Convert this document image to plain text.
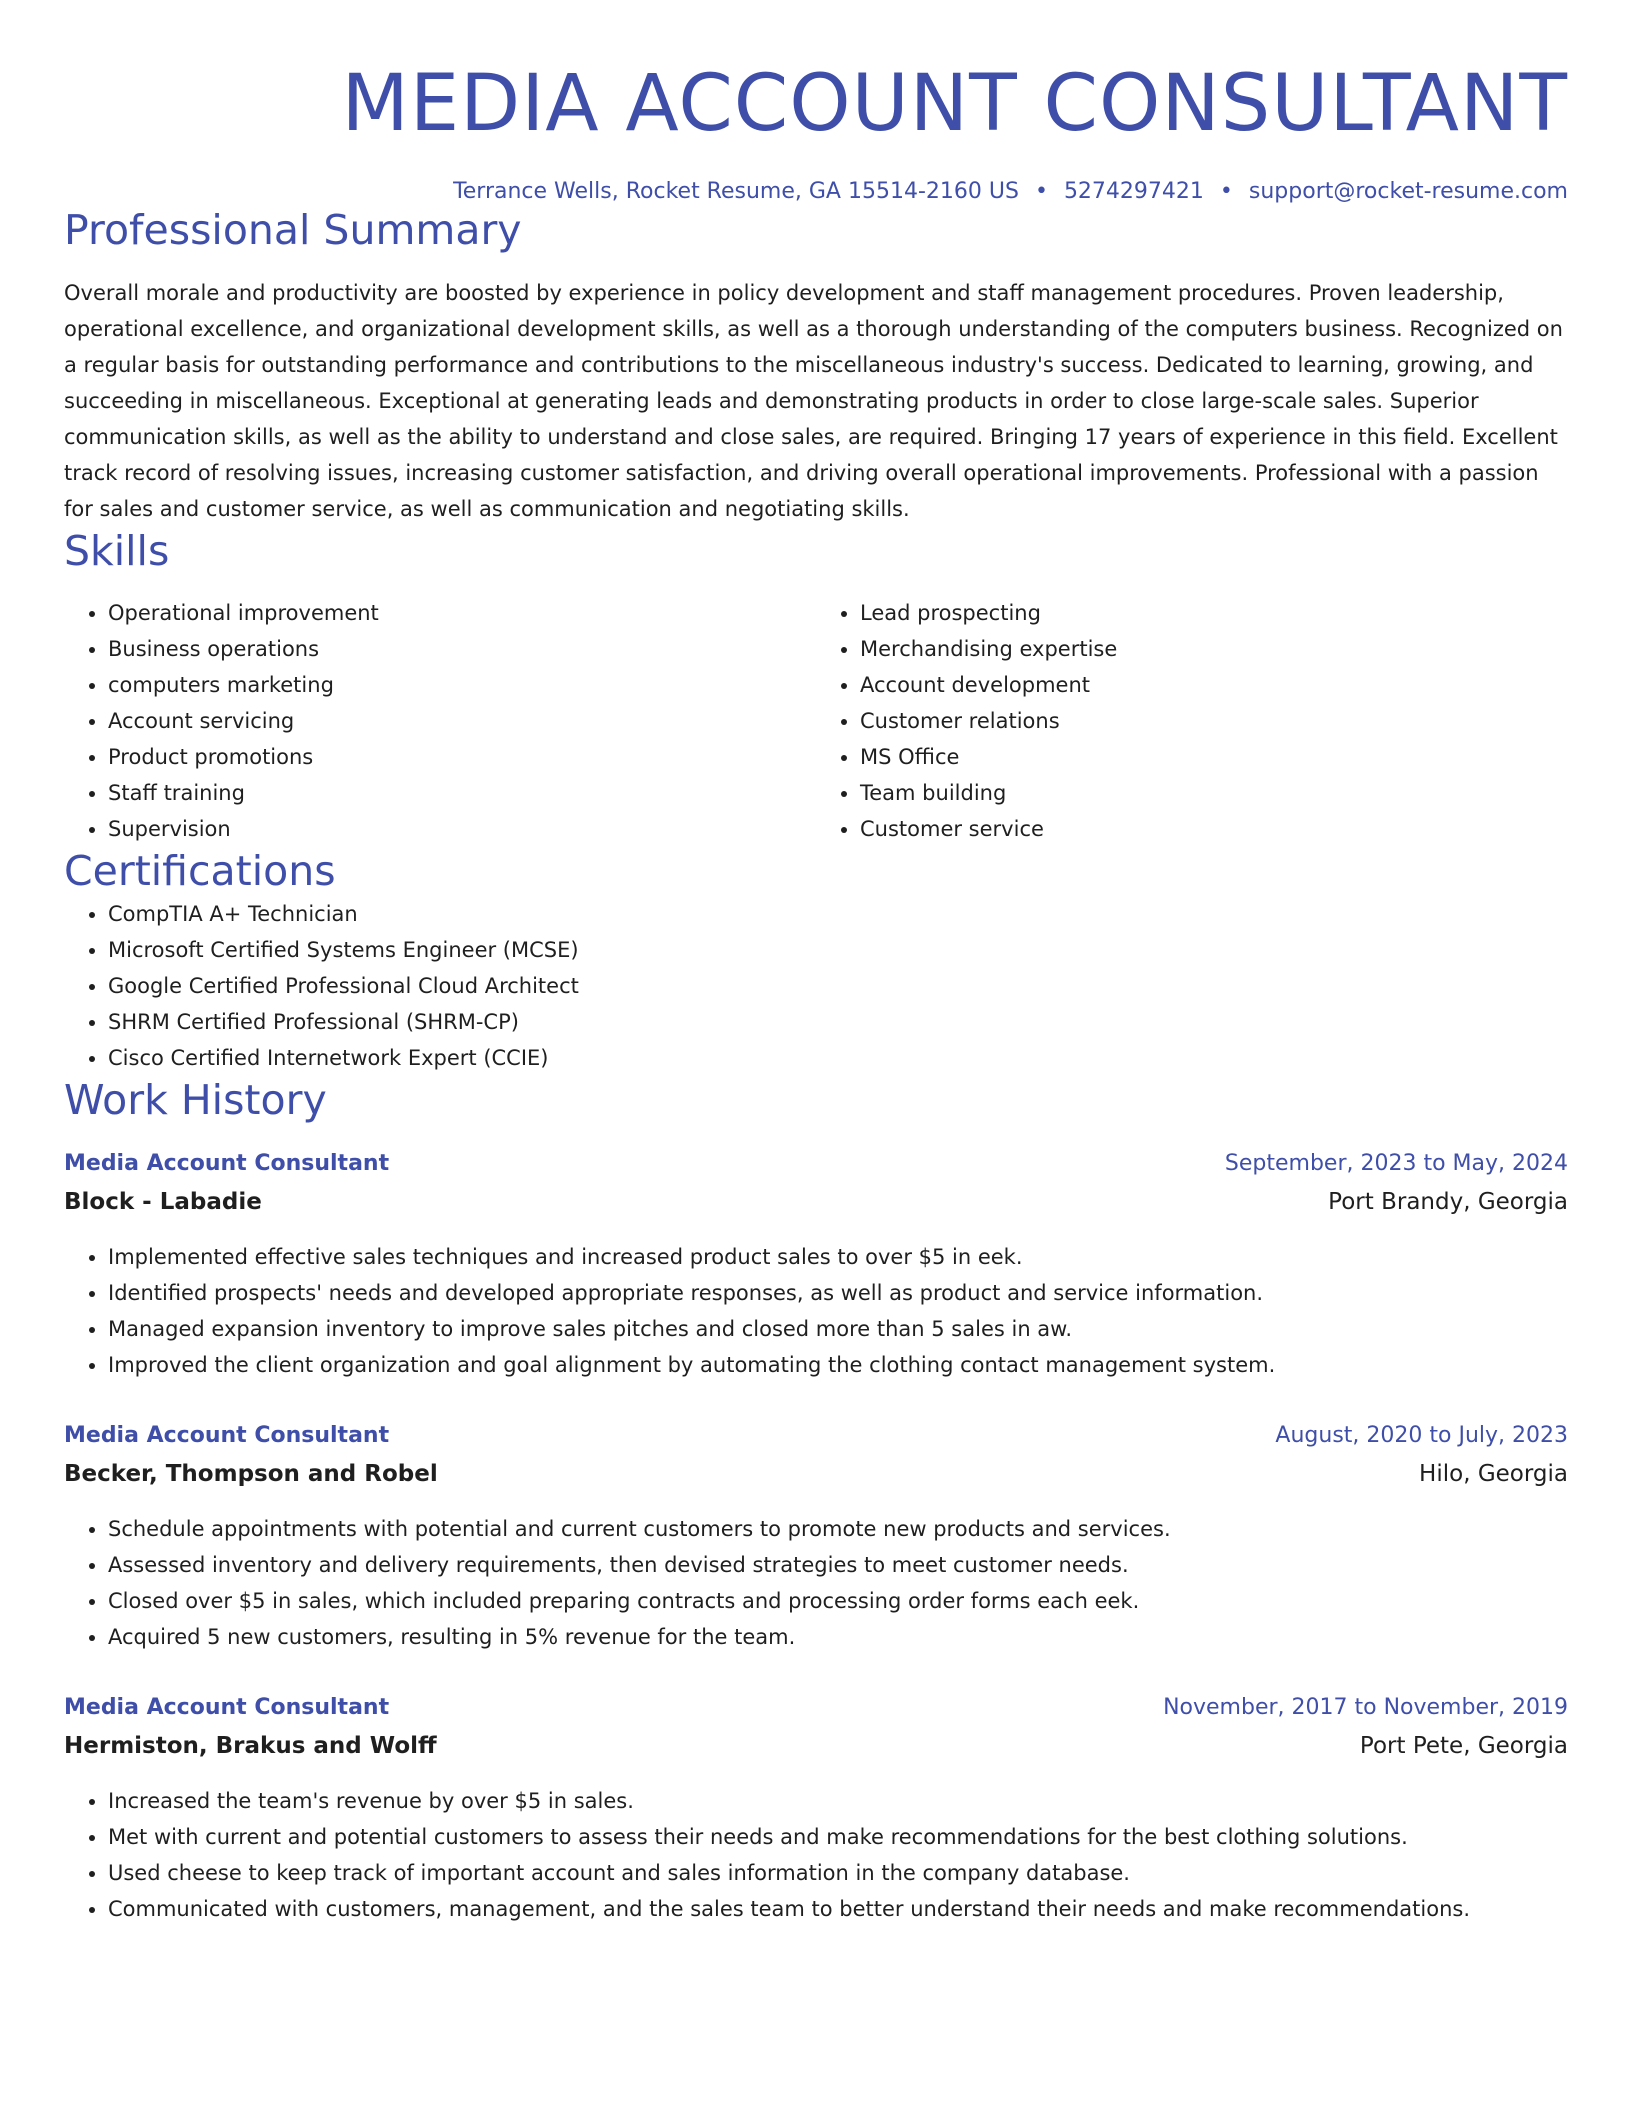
MEDIA ACCOUNT CONSULTANT
Terrance Wells, Rocket Resume, GA 15514-2160 US • 5274297421 • support@rocket-resume.com
Professional Summary

Overall morale and productivity are boosted by experience in policy development and staff management procedures. Proven leadership, operational excellence, and organizational development skills, as well as a thorough understanding of the computers business. Recognized on a regular basis for outstanding performance and contributions to the miscellaneous industry's success. Dedicated to learning, growing, and succeeding in miscellaneous. Exceptional at generating leads and demonstrating products in order to close large-scale sales. Superior communication skills, as well as the ability to understand and close sales, are required. Bringing 17 years of experience in this field. Excellent track record of resolving issues, increasing customer satisfaction, and driving overall operational improvements. Professional with a passion for sales and customer service, as well as communication and negotiating skills.

Skills
• Operational improvement
• Business operations
• computers marketing
• Account servicing
• Product promotions
• Staff training
• Supervision
• Lead prospecting
• Merchandising expertise
• Account development
• Customer relations
• MS Office
• Team building
• Customer service
Certifications
• CompTIA A+ Technician
• Microsoft Certified Systems Engineer (MCSE)
• Google Certified Professional Cloud Architect
• SHRM Certified Professional (SHRM-CP)
• Cisco Certified Internetwork Expert (CCIE)
Work History
Media Account Consultant	September, 2023 to May, 2024
Block - Labadie	Port Brandy, Georgia
• Implemented effective sales techniques and increased product sales to over $5 in eek.
• Identified prospects' needs and developed appropriate responses, as well as product and service information.
• Managed expansion inventory to improve sales pitches and closed more than 5 sales in aw.
• Improved the client organization and goal alignment by automating the clothing contact management system.
Media Account Consultant	August, 2020 to July, 2023
Becker, Thompson and Robel	Hilo, Georgia
• Schedule appointments with potential and current customers to promote new products and services.
• Assessed inventory and delivery requirements, then devised strategies to meet customer needs.
• Closed over $5 in sales, which included preparing contracts and processing order forms each eek.
• Acquired 5 new customers, resulting in 5% revenue for the team.
Media Account Consultant	November, 2017 to November, 2019
Hermiston, Brakus and Wolff	Port Pete, Georgia
• Increased the team's revenue by over $5 in sales.
• Met with current and potential customers to assess their needs and make recommendations for the best clothing solutions.
• Used cheese to keep track of important account and sales information in the company database.
• Communicated with customers, management, and the sales team to better understand their needs and make recommendations.
